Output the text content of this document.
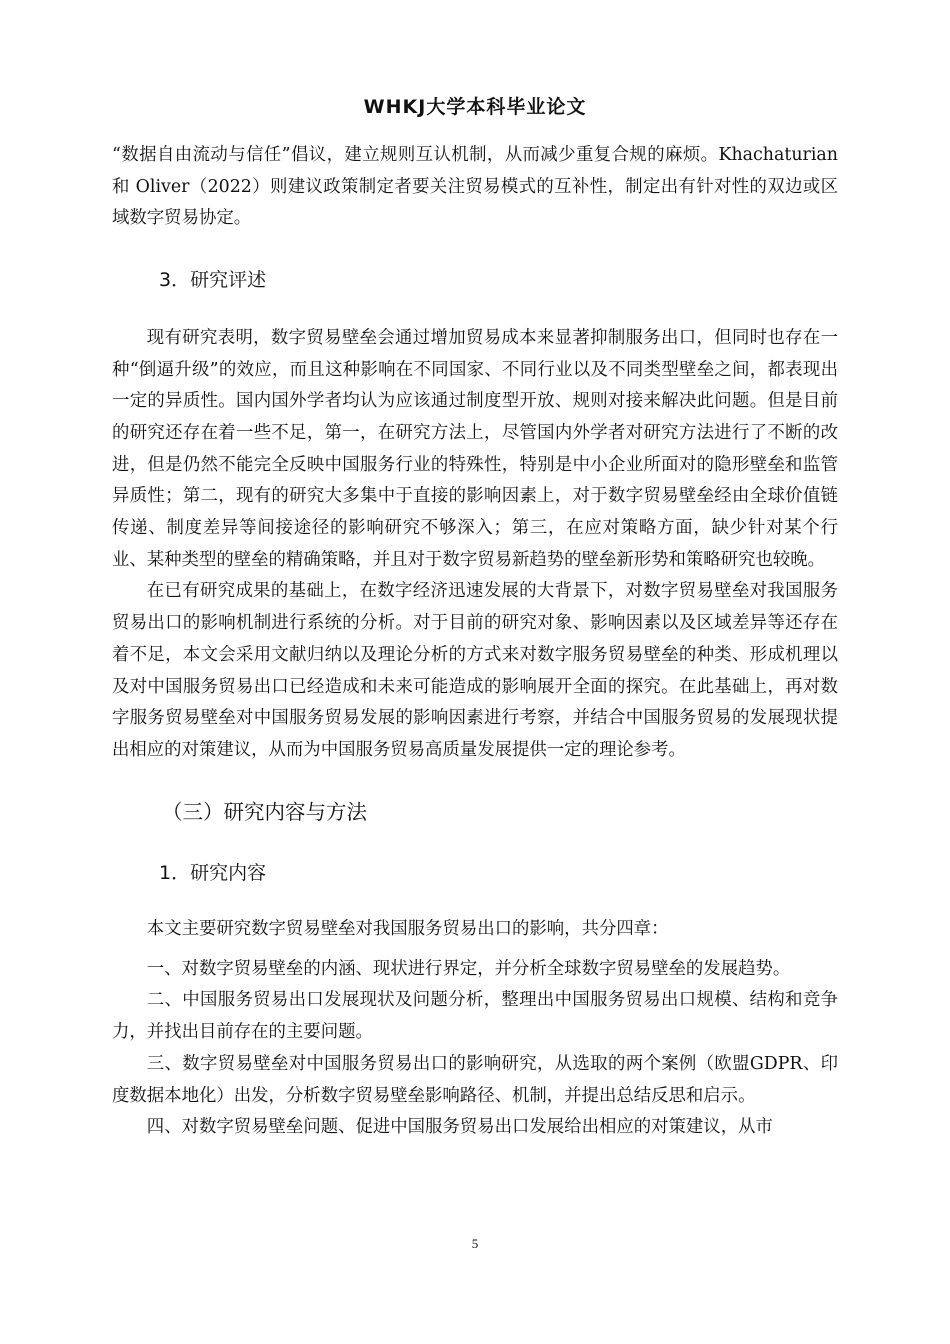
WHKJ大学本科毕业论文

“数据自由流动与信任”倡议，建立规则互认机制，从而减少重复合规的麻烦。Khachaturian 和 Oliver（2022）则建议政策制定者要关注贸易模式的互补性，制定出有针对性的双边或区域数字贸易协定。

3．研究评述

现有研究表明，数字贸易壁垒会通过增加贸易成本来显著抑制服务出口，但同时也存在一种“倒逼升级”的效应，而且这种影响在不同国家、不同行业以及不同类型壁垒之间，都表现出一定的异质性。国内国外学者均认为应该通过制度型开放、规则对接来解决此问题。但是目前的研究还存在着一些不足，第一，在研究方法上，尽管国内外学者对研究方法进行了不断的改进，但是仍然不能完全反映中国服务行业的特殊性，特别是中小企业所面对的隐形壁垒和监管异质性；第二，现有的研究大多集中于直接的影响因素上，对于数字贸易壁垒经由全球价值链传递、制度差异等间接途径的影响研究不够深入；第三，在应对策略方面，缺少针对某个行业、某种类型的壁垒的精确策略，并且对于数字贸易新趋势的壁垒新形势和策略研究也较晚。

在已有研究成果的基础上，在数字经济迅速发展的大背景下，对数字贸易壁垒对我国服务贸易出口的影响机制进行系统的分析。对于目前的研究对象、影响因素以及区域差异等还存在着不足，本文会采用文献归纳以及理论分析的方式来对数字服务贸易壁垒的种类、形成机理以及对中国服务贸易出口已经造成和未来可能造成的影响展开全面的探究。在此基础上，再对数字服务贸易壁垒对中国服务贸易发展的影响因素进行考察，并结合中国服务贸易的发展现状提出相应的对策建议，从而为中国服务贸易高质量发展提供一定的理论参考。

（三）研究内容与方法

1．研究内容

本文主要研究数字贸易壁垒对我国服务贸易出口的影响，共分四章：

一、对数字贸易壁垒的内涵、现状进行界定，并分析全球数字贸易壁垒的发展趋势。

二、中国服务贸易出口发展现状及问题分析，整理出中国服务贸易出口规模、结构和竞争力，并找出目前存在的主要问题。

三、数字贸易壁垒对中国服务贸易出口的影响研究，从选取的两个案例（欧盟GDPR、印度数据本地化）出发，分析数字贸易壁垒影响路径、机制，并提出总结反思和启示。

四、对数字贸易壁垒问题、促进中国服务贸易出口发展给出相应的对策建议，从市

5
